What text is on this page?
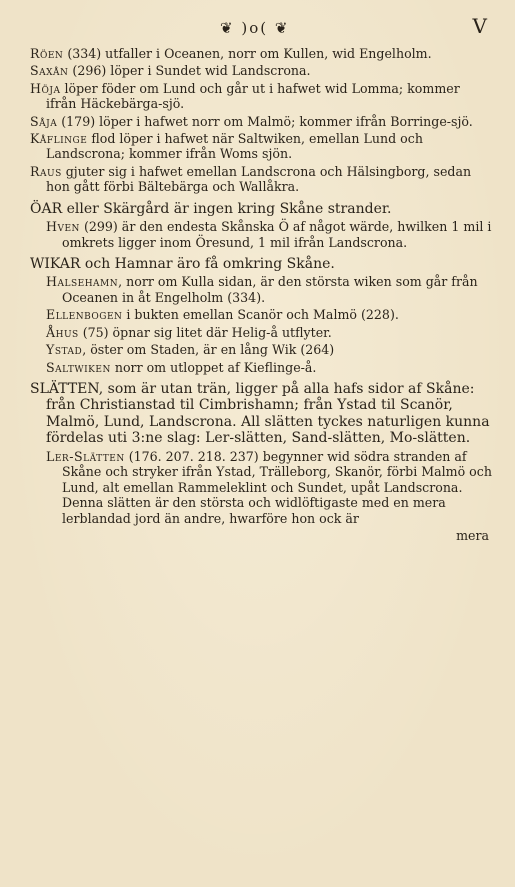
❦ )o( ❦	V

Röen (334) utfaller i Oceanen, norr om Kullen, wid Engelholm.

Saxån (296) löper i Sundet wid Landscrona.

Höja löper föder om Lund och går ut i hafwet wid Lomma; kommer ifrån Häckebärga-sjö.

Såja (179) löper i hafwet norr om Malmö; kommer ifrån Borringe-sjö.

Kåflinge flod löper i hafwet när Saltwiken, emellan Lund och Landscrona; kommer ifrån Woms sjön.

Raus gjuter sig i hafwet emellan Landscrona och Hälsingborg, sedan hon gått förbi Bältebärga och Wallåkra.

ÖAR eller Skärgård är ingen kring Skåne strander.

Hven (299) är den endesta Skånska Ö af något wärde, hwilken 1 mil i omkrets ligger inom Öresund, 1 mil ifrån Landscrona.

WIKAR och Hamnar äro få omkring Skåne.

Halsehamn, norr om Kulla sidan, är den största wiken som går från Oceanen in åt Engelholm (334).

Ellenbogen i bukten emellan Scanör och Malmö (228).

Åhus (75) öpnar sig litet där Helig-å utflyter.

Ystad, öster om Staden, är en lång Wik (264)

Saltwiken norr om utloppet af Kieflinge-å.

SLÄTTEN, som är utan trän, ligger på alla hafs sidor af Skåne: från Christianstad til Cimbrishamn; från Ystad til Scanör, Malmö, Lund, Landscrona. All slätten tyckes naturligen kunna fördelas uti 3:ne slag: Ler-slätten, Sand-slätten, Mo-slätten.

Ler-Slätten (176. 207. 218. 237) begynner wid södra stranden af Skåne och stryker ifrån Ystad, Trälleborg, Skanör, förbi Malmö och Lund, alt emellan Rammeleklint och Sundet, upåt Landscrona. Denna slätten är den största och widlöftigaste med en mera lerblandad jord än andre, hwarföre hon ock är

mera
